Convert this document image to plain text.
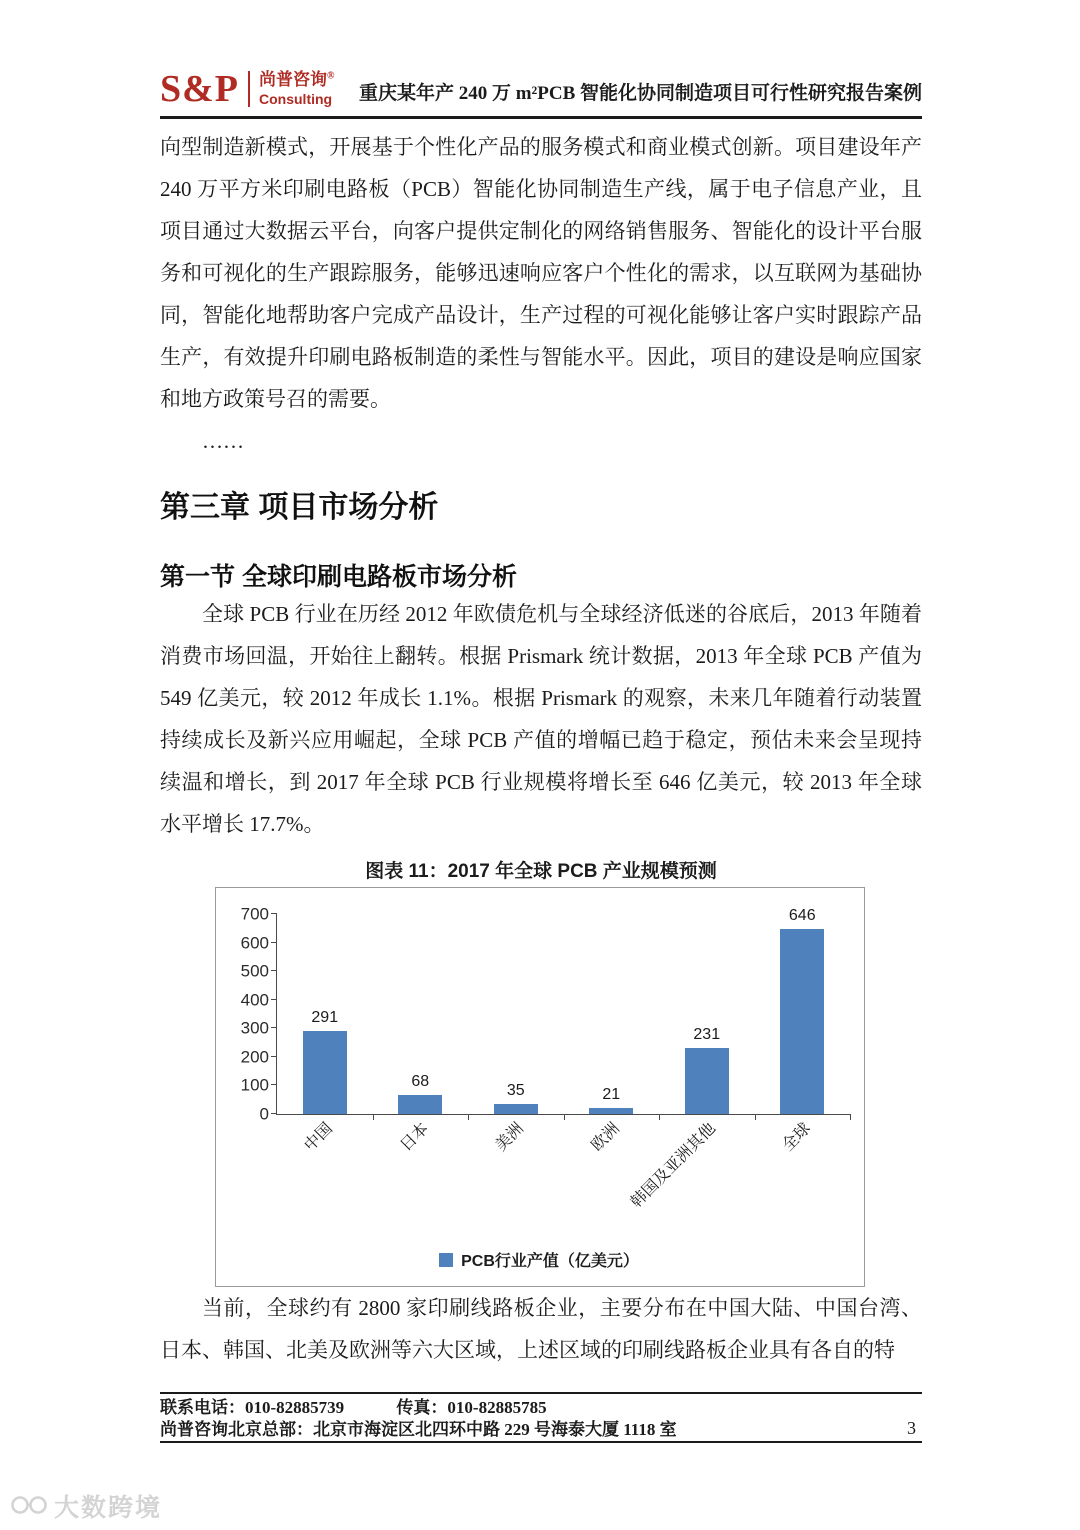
S&P 尚普咨询®
Consulting 重庆某年产 240 万 m²PCB 智能化协同制造项目可行性研究报告案例

向型制造新模式，开展基于个性化产品的服务模式和商业模式创新。项目建设年产 240 万平方米印刷电路板（PCB）智能化协同制造生产线，属于电子信息产业，且项目通过大数据云平台，向客户提供定制化的网络销售服务、智能化的设计平台服务和可视化的生产跟踪服务，能够迅速响应客户个性化的需求，以互联网为基础协同，智能化地帮助客户完成产品设计，生产过程的可视化能够让客户实时跟踪产品生产，有效提升印刷电路板制造的柔性与智能水平。因此，项目的建设是响应国家和地方政策号召的需要。

……

第三章 项目市场分析
第一节 全球印刷电路板市场分析

全球 PCB 行业在历经 2012 年欧债危机与全球经济低迷的谷底后，2013 年随着消费市场回温，开始往上翻转。根据 Prismark 统计数据，2013 年全球 PCB 产值为 549 亿美元，较 2012 年成长 1.1%。根据 Prismark 的观察，未来几年随着行动装置持续成长及新兴应用崛起，全球 PCB 产值的增幅已趋于稳定，预估未来会呈现持续温和增长，到 2017 年全球 PCB 行业规模将增长至 646 亿美元，较 2013 年全球水平增长 17.7%。

图表 11：2017 年全球 PCB 产业规模预测
0
100
200
300
400
500
600
700
291
68
35	21
231
646
中国	日本	美洲	欧洲 韩国及亚洲其他	全球
PCB行业产值（亿美元）

当前，全球约有 2800 家印刷线路板企业，主要分布在中国大陆、中国台湾、日本、韩国、北美及欧洲等六大区域，上述区域的印刷线路板企业具有各自的特

联系电话：010-82885739	传真：010-82885785
尚普咨询北京总部：北京市海淀区北四环中路 229 号海泰大厦 1118 室	3
大数跨境
